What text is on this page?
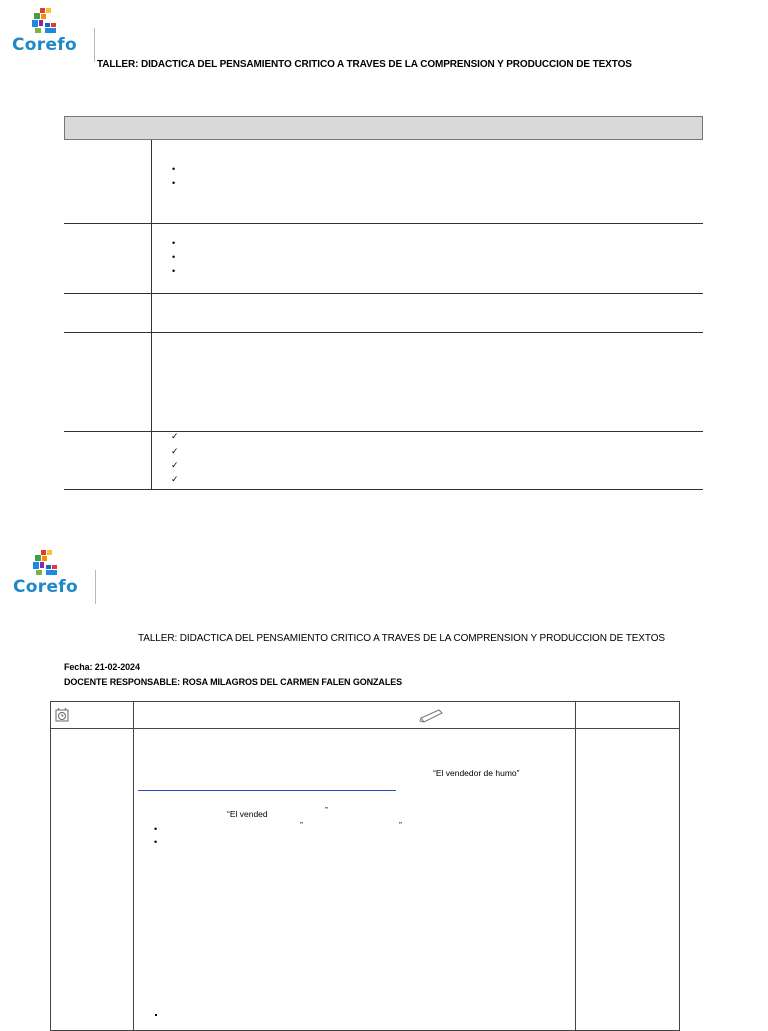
Corefo
TALLER: DIDACTICA DEL PENSAMIENTO CRITICO A TRAVES DE LA COMPRENSION Y PRODUCCION DE TEXTOS
•
•
•
•
•
✓
✓
✓
✓
Corefo
TALLER: DIDACTICA DEL PENSAMIENTO CRITICO A TRAVES DE LA COMPRENSION Y PRODUCCION DE TEXTOS
Fecha: 21-02-2024
DOCENTE RESPONSABLE: ROSA MILAGROS DEL CARMEN FALEN GONZALES
“El vendedor de humo”
“El vended	”
”	”
•
•
